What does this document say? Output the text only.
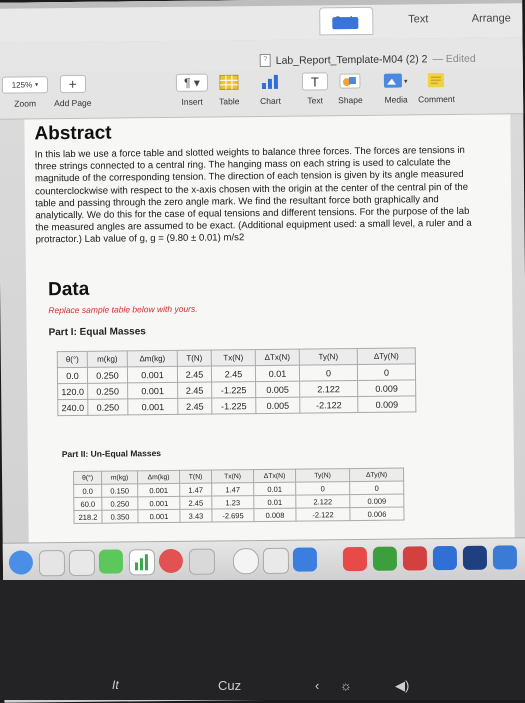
Text	Arrange
? Lab_Report_Template-M04 (2) 2 — Edited
125% ▾
Zoom
+
Add Page
¶ ▾
Insert	Table Chart
T
Text	Shape
▾
Media Comment
Abstract
In this lab we use a force table and slotted weights to balance three forces. The forces are tensions in three strings connected to a central ring. The hanging mass on each string is used to calculate the magnitude of the corresponding tension. The direction of each tension is given by its angle measured counterclockwise with respect to the x-axis chosen with the origin at the center of the central pin of the table and passing through the zero angle mark. We find the resultant force both graphically and analytically. We do this for the case of equal tensions and different tensions. For the purpose of the lab the measured angles are assumed to be exact. (Additional equipment used: a small level, a ruler and a protractor.) Lab value of g, g = (9.80 ± 0.01) m/s2
Data
Replace sample table below with yours.
Part I: Equal Masses
θ(°)	m(kg)	Δm(kg)	T(N)	Tx(N)	ΔTx(N)	Ty(N)	ΔTy(N)
0.0	0.250	0.001	2.45	2.45	0.01	0	0
120.0	0.250	0.001	2.45	-1.225	0.005	2.122	0.009
240.0	0.250	0.001	2.45	-1.225	0.005	-2.122	0.009
Part II: Un-Equal Masses
θ(°)	m(kg)	Δm(kg)	T(N)	Tx(N)	ΔTx(N)	Ty(N)	ΔTy(N)
0.0	0.150	0.001	1.47	1.47	0.01	0	0
60.0	0.250	0.001	2.45	1.23	0.01	2.122	0.009
218.2	0.350	0.001	3.43	-2.695	0.008	-2.122	0.006
It	Cuz	‹ ☼	◀)
